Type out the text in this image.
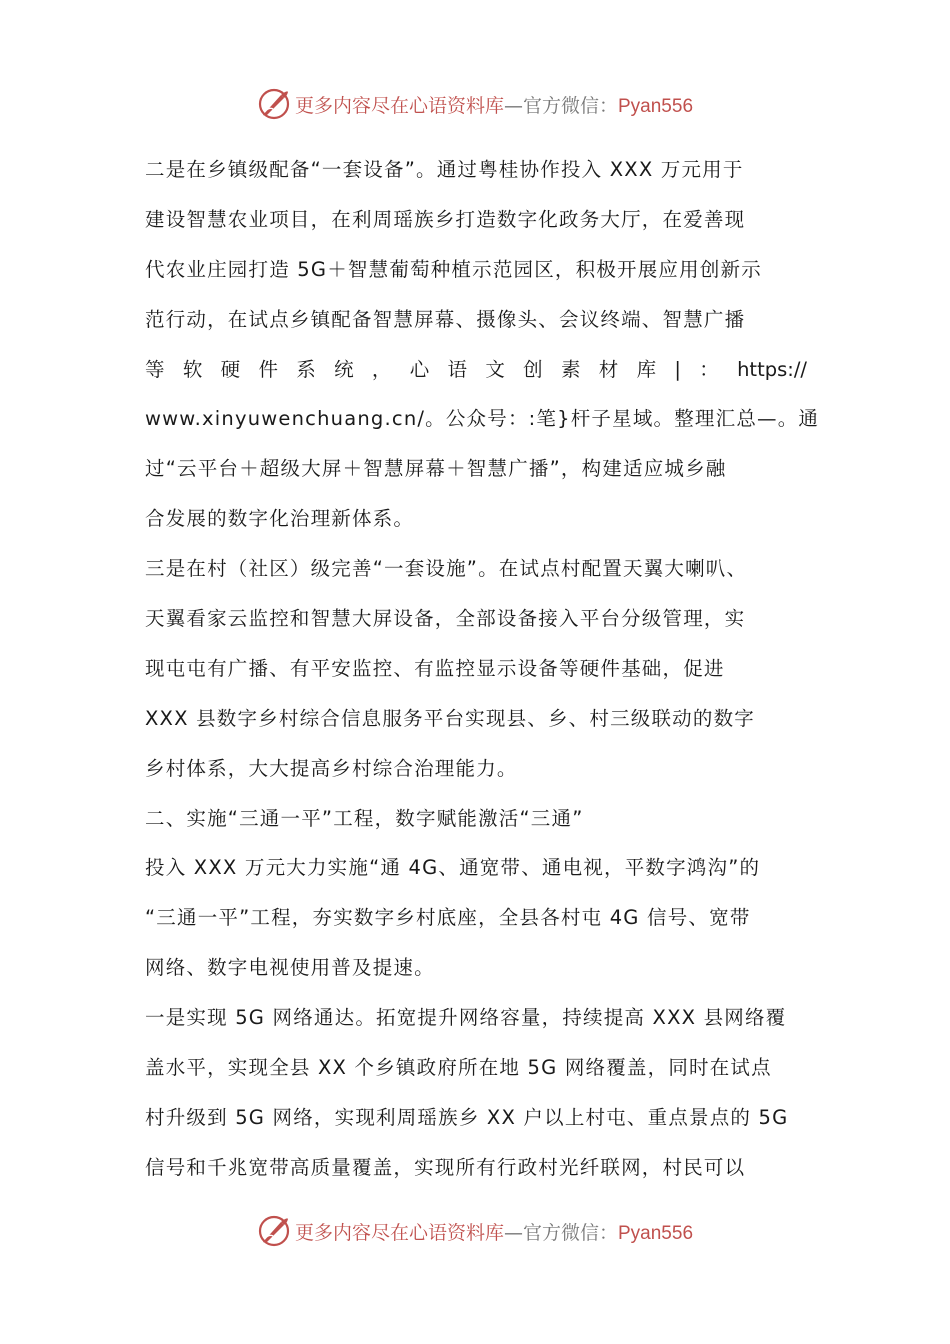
更多内容尽在心语资料库—官方微信：Pyan556
二是在乡镇级配备“一套设备”。通过粤桂协作投入 XXX 万元用于
建设智慧农业项目，在利周瑶族乡打造数字化政务大厅，在爱善现
代农业庄园打造 5G＋智慧葡萄种植示范园区，积极开展应用创新示
范行动，在试点乡镇配备智慧屏幕、摄像头、会议终端、智慧广播
等 软 硬 件 系 统 ， 心 语 文 创 素 材 库 | ： https://
www.xinyuwenchuang.cn/。公众号：:笔}杆子星域。整理汇总—。通
过“云平台＋超级大屏＋智慧屏幕＋智慧广播”，构建适应城乡融
合发展的数字化治理新体系。
三是在村（社区）级完善“一套设施”。在试点村配置天翼大喇叭、
天翼看家云监控和智慧大屏设备，全部设备接入平台分级管理，实
现屯屯有广播、有平安监控、有监控显示设备等硬件基础，促进
XXX 县数字乡村综合信息服务平台实现县、乡、村三级联动的数字
乡村体系，大大提高乡村综合治理能力。
二、实施“三通一平”工程，数字赋能激活“三通”
投入 XXX 万元大力实施“通 4G、通宽带、通电视，平数字鸿沟”的
“三通一平”工程，夯实数字乡村底座，全县各村屯 4G 信号、宽带
网络、数字电视使用普及提速。
一是实现 5G 网络通达。拓宽提升网络容量，持续提高 XXX 县网络覆
盖水平，实现全县 XX 个乡镇政府所在地 5G 网络覆盖，同时在试点
村升级到 5G 网络，实现利周瑶族乡 XX 户以上村屯、重点景点的 5G
信号和千兆宽带高质量覆盖，实现所有行政村光纤联网，村民可以
更多内容尽在心语资料库—官方微信：Pyan556
